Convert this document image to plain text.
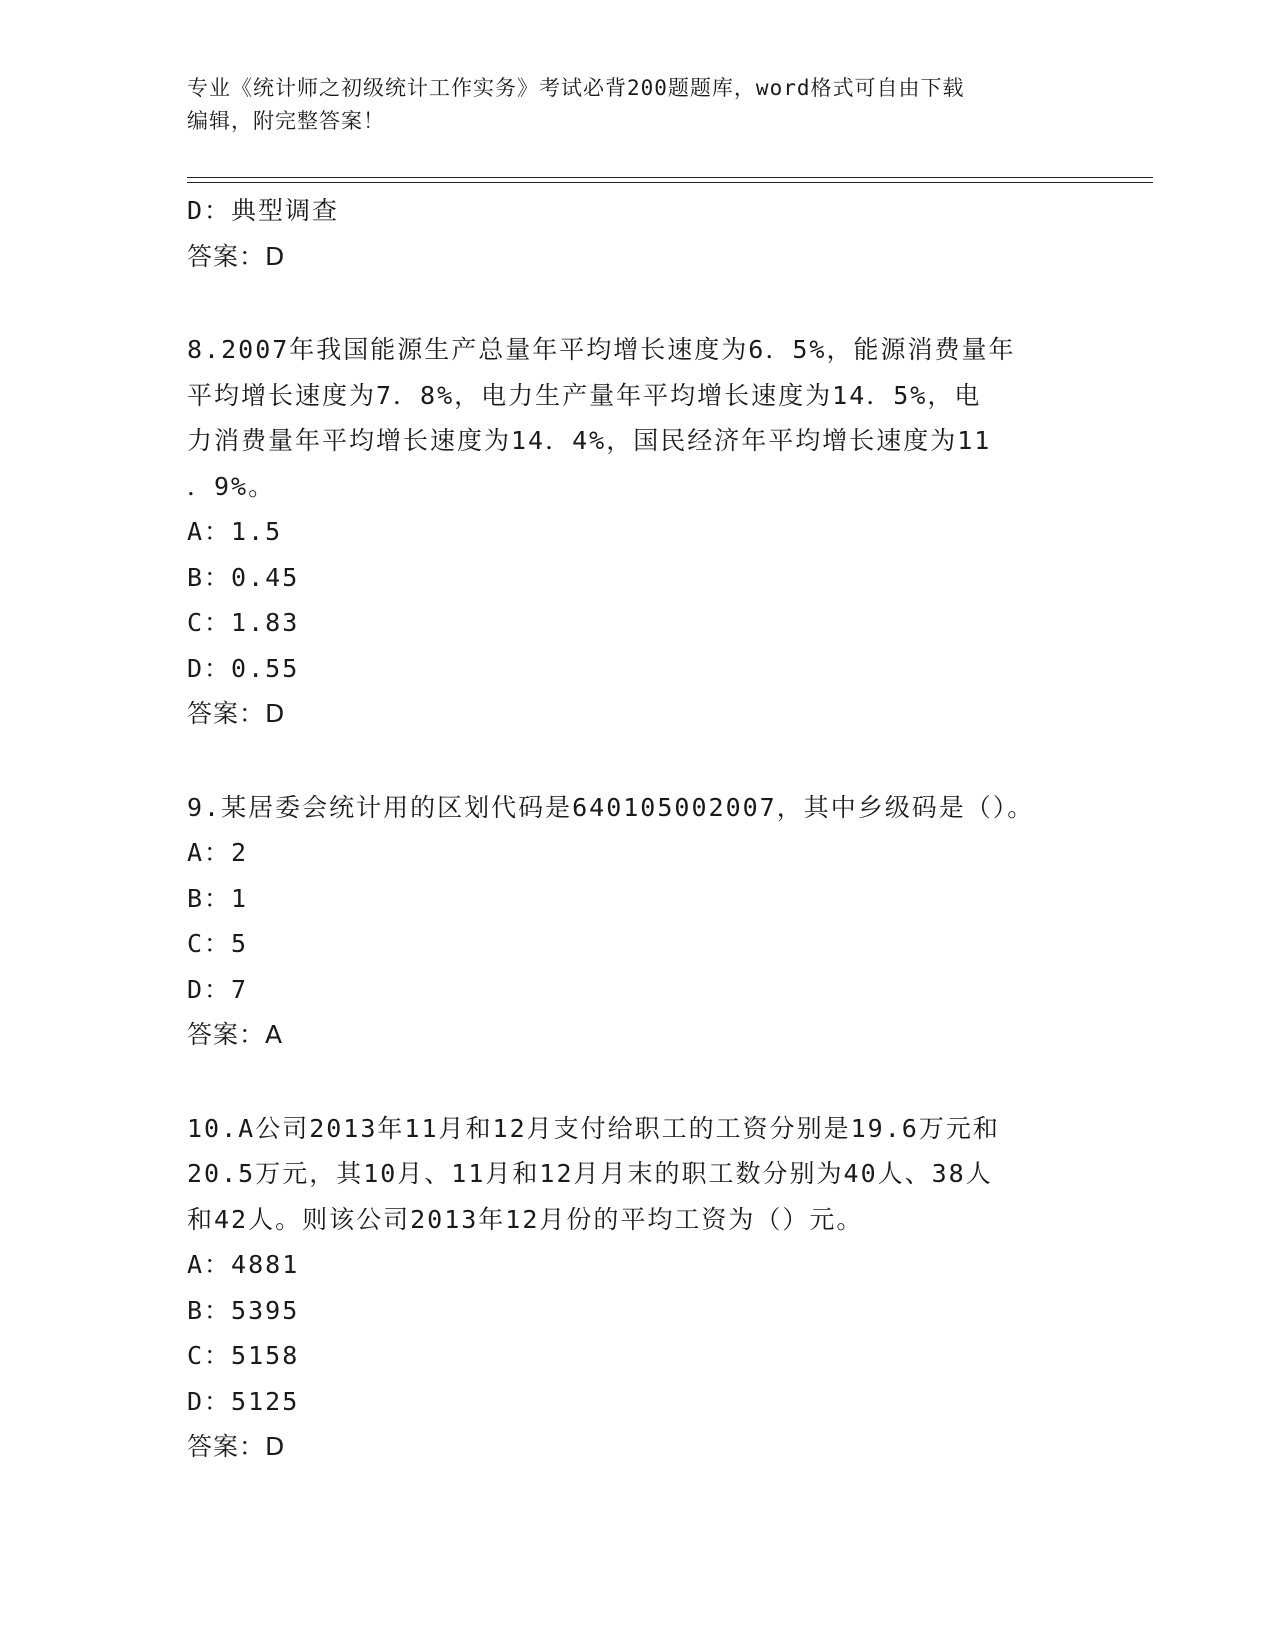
专业《统计师之初级统计工作实务》考试必背200题题库，word格式可自由下载
编辑，附完整答案！
D：典型调查
答案：D
8.2007年我国能源生产总量年平均增长速度为6．5%，能源消费量年
平均增长速度为7．8%，电力生产量年平均增长速度为14．5%，电
力消费量年平均增长速度为14．4%，国民经济年平均增长速度为11
．9%。
A：1.5
B：0.45
C：1.83
D：0.55
答案：D
9.某居委会统计用的区划代码是640105002007，其中乡级码是（）。
A：2
B：1
C：5
D：7
答案：A
10.A公司2013年11月和12月支付给职工的工资分别是19.6万元和
20.5万元，其10月、11月和12月月末的职工数分别为40人、38人
和42人。则该公司2013年12月份的平均工资为（）元。
A：4881
B：5395
C：5158
D：5125
答案：D
